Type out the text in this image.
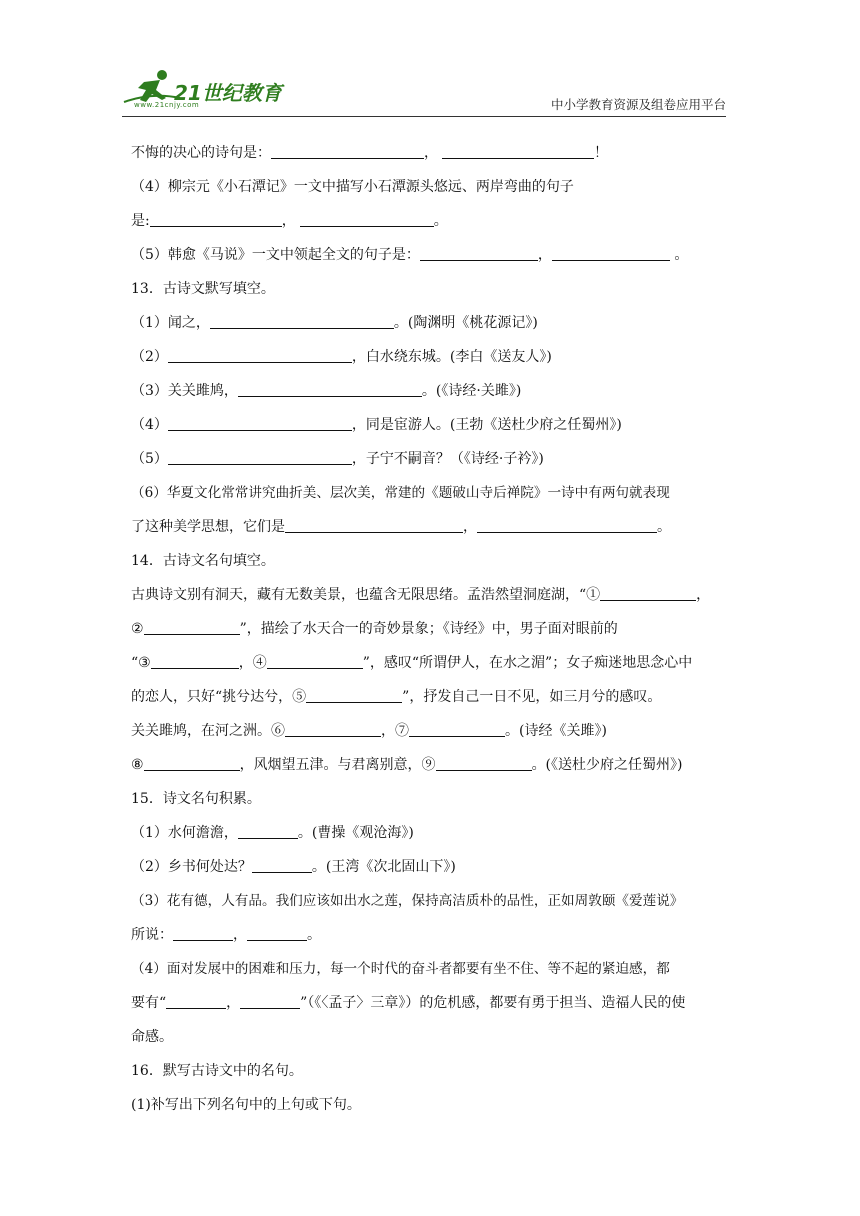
21世纪教育
www.21cnjy.com	中小学教育资源及组卷应用平台
不悔的决心的诗句是：	，	！
（4）柳宗元《小石潭记》一文中描写小石潭源头悠远、两岸弯曲的句子
是:	，	。
（5）韩愈《马说》一文中领起全文的句子是：	，	。
13．古诗文默写填空。
（1）闻之，	。(陶渊明《桃花源记》)
（2）	，白水绕东城。(李白《送友人》)
（3）关关雎鸠，	。(《诗经·关雎》)
（4）	，同是宦游人。(王勃《送杜少府之任蜀州》)
（5）	，子宁不嗣音？（《诗经·子衿》)
（6）华夏文化常常讲究曲折美、层次美，常建的《题破山寺后禅院》一诗中有两句就表现
了这种美学思想，它们是	，	。
14．古诗文名句填空。
古典诗文别有洞天，藏有无数美景，也蕴含无限思绪。孟浩然望洞庭湖，“①	，
②	”，描绘了水天合一的奇妙景象；《诗经》中，男子面对眼前的
“③	，④	”，感叹“所谓伊人，在水之湄”；女子痴迷地思念心中
的恋人，只好“挑兮达兮，⑤	”，抒发自己一日不见，如三月兮的感叹。
关关雎鸠，在河之洲。⑥	，⑦	。(诗经《关雎》)
⑧	，风烟望五津。与君离别意，⑨	。(《送杜少府之任蜀州》)
15．诗文名句积累。
（1）水何澹澹，	。(曹操《观沧海》)
（2）乡书何处达？	。(王湾《次北固山下》)
（3）花有德，人有品。我们应该如出水之莲，保持高洁质朴的品性，正如周敦颐《爱莲说》
所说：	，	。
（4）面对发展中的困难和压力，每一个时代的奋斗者都要有坐不住、等不起的紧迫感，都
要有“	，	”（《〈孟子〉三章》）的危机感，都要有勇于担当、造福人民的使
命感。
16．默写古诗文中的名句。
(1)补写出下列名句中的上句或下句。
